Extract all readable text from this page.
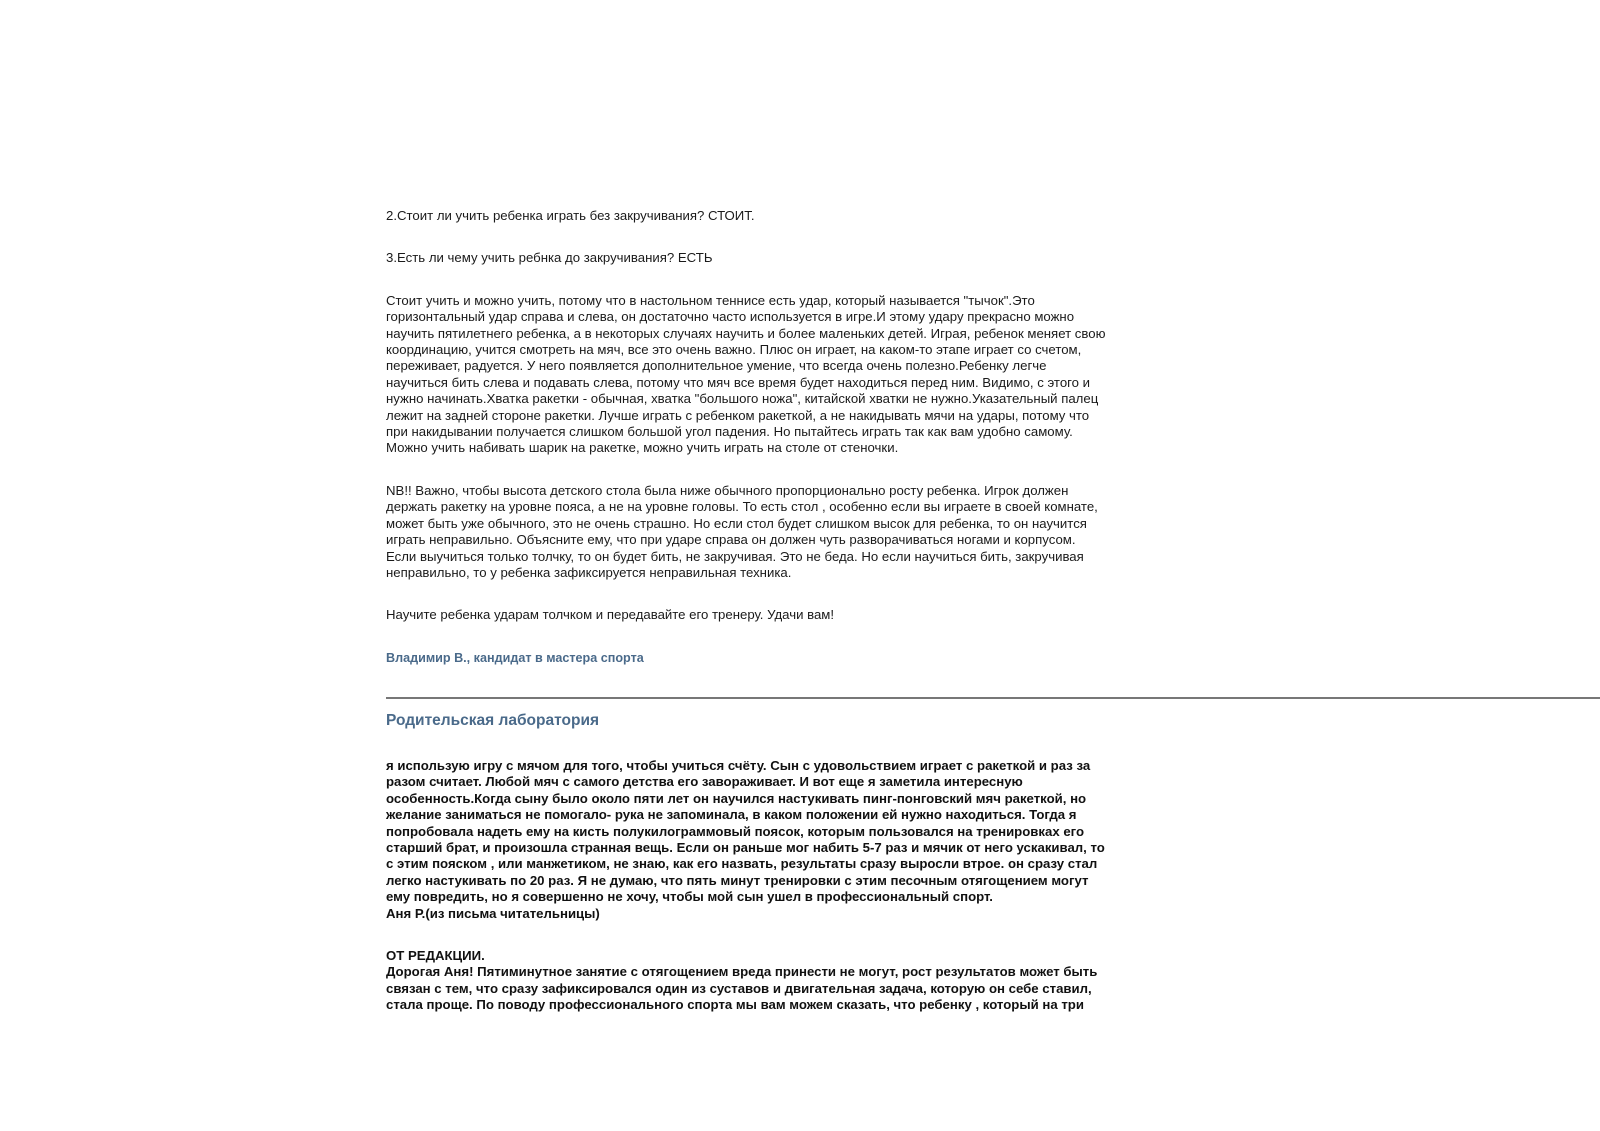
2.Стоит ли учить ребенка играть без закручивания? СТОИТ.
3.Есть ли чему учить ребнка до закручивания? ЕСТЬ
Стоит учить и можно учить, потому что в настольном теннисе есть удар, который называется "тычок".Это
горизонтальный удар справа и слева, он достаточно часто используется в игре.И этому удару прекрасно можно
научить пятилетнего ребенка, а в некоторых случаях научить и более маленьких детей. Играя, ребенок меняет свою
координацию, учится смотреть на мяч, все это очень важно. Плюс он играет, на каком-то этапе играет со счетом,
переживает, радуется. У него появляется дополнительное умение, что всегда очень полезно.Ребенку легче
научиться бить слева и подавать слева, потому что мяч все время будет находиться перед ним. Видимо, с этого и
нужно начинать.Хватка ракетки - обычная, хватка "большого ножа", китайской хватки не нужно.Указательный палец
лежит на задней стороне ракетки. Лучше играть с ребенком ракеткой, а не накидывать мячи на удары, потому что
при накидывании получается слишком большой угол падения. Но пытайтесь играть так как вам удобно самому.
Можно учить набивать шарик на ракетке, можно учить играть на столе от стеночки.
NB!! Важно, чтобы высота детского стола была ниже обычного пропорционально росту ребенка. Игрок должен
держать ракетку на уровне пояса, а не на уровне головы. То есть стол , особенно если вы играете в своей комнате,
может быть уже обычного, это не очень страшно. Но если стол будет слишком высок для ребенка, то он научится
играть неправильно. Объясните ему, что при ударе справа он должен чуть разворачиваться ногами и корпусом.
Если выучиться только толчку, то он будет бить, не закручивая. Это не беда. Но если научиться бить, закручивая
неправильно, то у ребенка зафиксируется неправильная техника.
Научите ребенка ударам толчком и передавайте его тренеру. Удачи вам!
Владимир В., кандидат в мастера спорта
Родительская лаборатория
я использую игру с мячом для того, чтобы учиться счёту. Сын с удовольствием играет с ракеткой и раз за
разом считает. Любой мяч с самого детства его завораживает. И вот еще я заметила интересную
особенность.Когда сыну было около пяти лет он научился настукивать пинг-понговский мяч ракеткой, но
желание заниматься не помогало- рука не запоминала, в каком положении ей нужно находиться. Тогда я
попробовала надеть ему на кисть полукилограммовый поясок, которым пользовался на тренировках его
старший брат, и произошла странная вещь. Если он раньше мог набить 5-7 раз и мячик от него ускакивал, то
с этим пояском , или манжетиком, не знаю, как его назвать, результаты сразу выросли втрое. он сразу стал
легко настукивать по 20 раз. Я не думаю, что пять минут тренировки с этим песочным отягощением могут
ему повредить, но я совершенно не хочу, чтобы мой сын ушел в профессиональный спорт.
Аня Р.(из письма читательницы)
ОТ РЕДАКЦИИ.
Дорогая Аня! Пятиминутное занятие с отягощением вреда принести не могут, рост результатов может быть
связан с тем, что сразу зафиксировался один из суставов и двигательная задача, которую он себе ставил,
стала проще. По поводу профессионального спорта мы вам можем сказать, что ребенку , который на три
